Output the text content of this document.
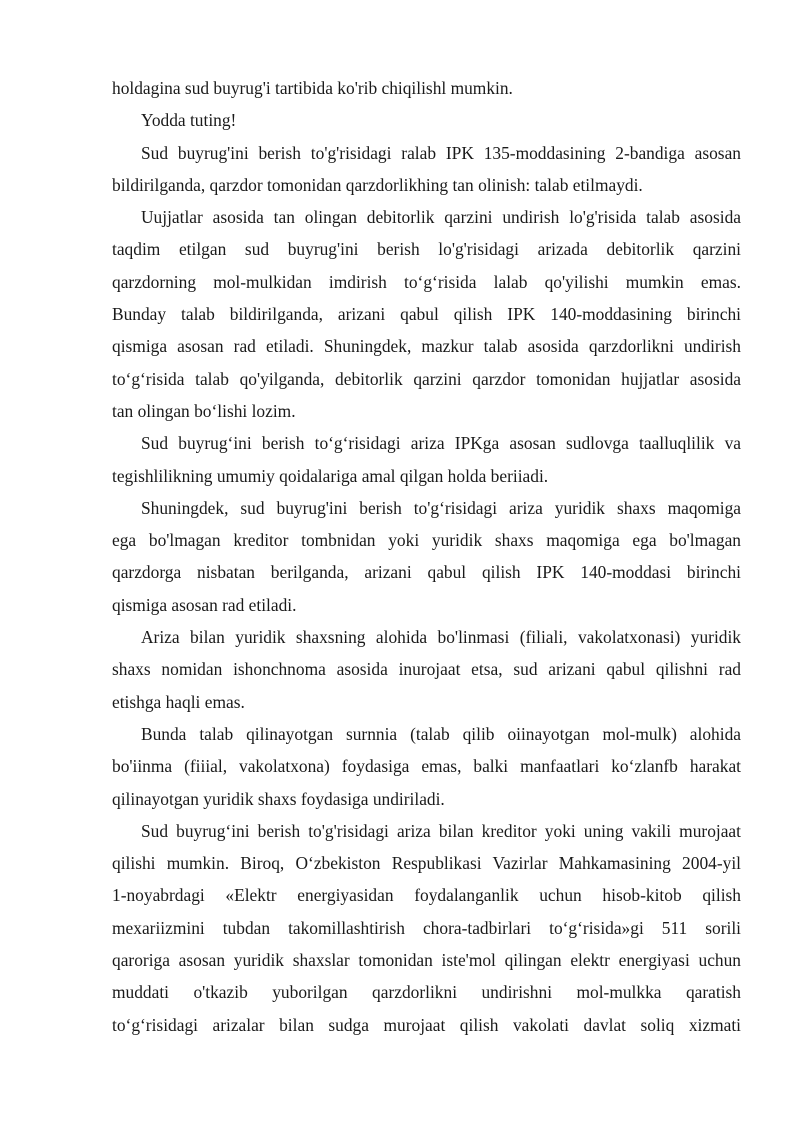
holdagina sud buyrug'i tartibida ko'rib chiqilishl mumkin.

Yodda tuting!

Sud buyrug'ini berish to'g'risidagi ralab IPK 135-moddasining 2-bandiga asosan
bildirilganda, qarzdor tomonidan qarzdorlikhing tan olinish: talab etilmaydi.

Uujjatlar asosida tan olingan debitorlik qarzini undirish lo'g'risida talab asosida
taqdim etilgan sud buyrug'ini berish lo'g'risidagi arizada debitorlik qarzini
qarzdorning mol-mulkidan imdirish to‘g‘risida lalab qo'yilishi mumkin emas.
Bunday talab bildirilganda, arizani qabul qilish IPK 140-moddasining birinchi
qismiga asosan rad etiladi. Shuningdek, mazkur talab asosida qarzdorlikni undirish
to‘g‘risida talab qo'yilganda, debitorlik qarzini qarzdor tomonidan hujjatlar asosida
tan olingan bo‘lishi lozim.

Sud buyrug‘ini berish to‘g‘risidagi ariza IPKga asosan sudlovga taalluqlilik va
tegishlilikning umumiy qoidalariga amal qilgan holda beriiadi.

Shuningdek, sud buyrug'ini berish to'g‘risidagi ariza yuridik shaxs maqomiga
ega bo'lmagan kreditor tombnidan yoki yuridik shaxs maqomiga ega bo'lmagan
qarzdorga nisbatan berilganda, arizani qabul qilish IPK 140-moddasi birinchi
qismiga asosan rad etiladi.

Ariza bilan yuridik shaxsning alohida bo'linmasi (filiali, vakolatxonasi) yuridik
shaxs nomidan ishonchnoma asosida inurojaat etsa, sud arizani qabul qilishni rad
etishga haqli emas.

Bunda talab qilinayotgan surnnia (talab qilib oiinayotgan mol-mulk) alohida
bo'iinma (fiiial, vakolatxona) foydasiga emas, balki manfaatlari ko‘zlanfb harakat
qilinayotgan yuridik shaxs foydasiga undiriladi.

Sud buyrug‘ini berish to'g'risidagi ariza bilan kreditor yoki uning vakili murojaat
qilishi mumkin. Biroq, O‘zbekiston Respublikasi Vazirlar Mahkamasining 2004-yil
1-noyabrdagi «Elektr energiyasidan foydalanganlik uchun hisob-kitob qilish
mexariizmini tubdan takomillashtirish chora-tadbirlari to‘g‘risida»gi 511 sorili
qaroriga asosan yuridik shaxslar tomonidan iste'mol qilingan elektr energiyasi uchun
muddati o'tkazib yuborilgan qarzdorlikni undirishni mol-mulkka qaratish
to‘g‘risidagi arizalar bilan sudga murojaat qilish vakolati davlat soliq xizmati
